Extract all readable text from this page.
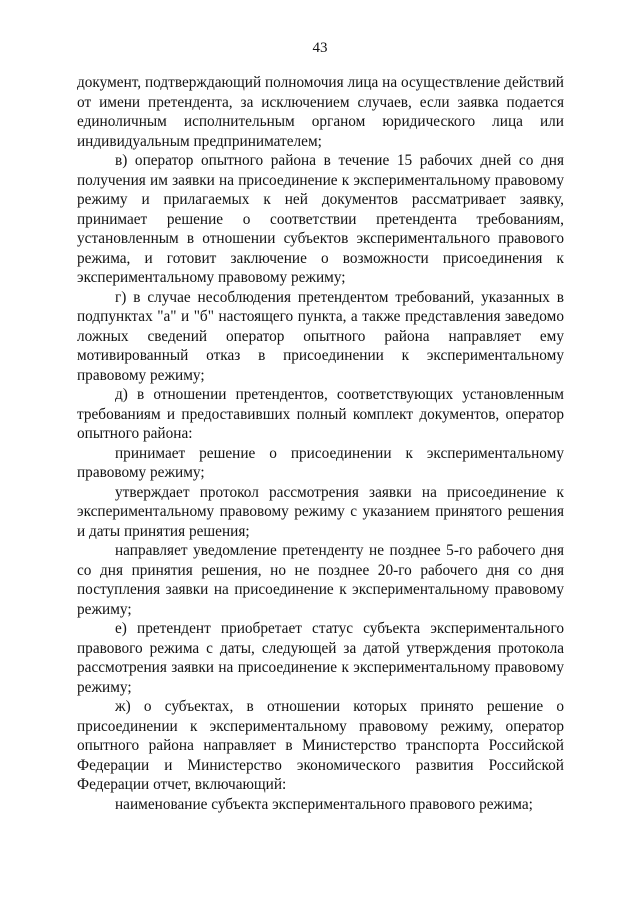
43

документ, подтверждающий полномочия лица на осуществление действий от имени претендента, за исключением случаев, если заявка подается единоличным исполнительным органом юридического лица или индивидуальным предпринимателем;

в) оператор опытного района в течение 15 рабочих дней со дня получения им заявки на присоединение к экспериментальному правовому режиму и прилагаемых к ней документов рассматривает заявку, принимает решение о соответствии претендента требованиям, установленным в отношении субъектов экспериментального правового режима, и готовит заключение о возможности присоединения к экспериментальному правовому режиму;

г) в случае несоблюдения претендентом требований, указанных в подпунктах "а" и "б" настоящего пункта, а также представления заведомо ложных сведений оператор опытного района направляет ему мотивированный отказ в присоединении к экспериментальному правовому режиму;

д) в отношении претендентов, соответствующих установленным требованиям и предоставивших полный комплект документов, оператор опытного района:

принимает решение о присоединении к экспериментальному правовому режиму;

утверждает протокол рассмотрения заявки на присоединение к экспериментальному правовому режиму с указанием принятого решения и даты принятия решения;

направляет уведомление претенденту не позднее 5-го рабочего дня со дня принятия решения, но не позднее 20-го рабочего дня со дня поступления заявки на присоединение к экспериментальному правовому режиму;

е) претендент приобретает статус субъекта экспериментального правового режима с даты, следующей за датой утверждения протокола рассмотрения заявки на присоединение к экспериментальному правовому режиму;

ж) о субъектах, в отношении которых принято решение о присоединении к экспериментальному правовому режиму, оператор опытного района направляет в Министерство транспорта Российской Федерации и Министерство экономического развития Российской Федерации отчет, включающий:

наименование субъекта экспериментального правового режима;
